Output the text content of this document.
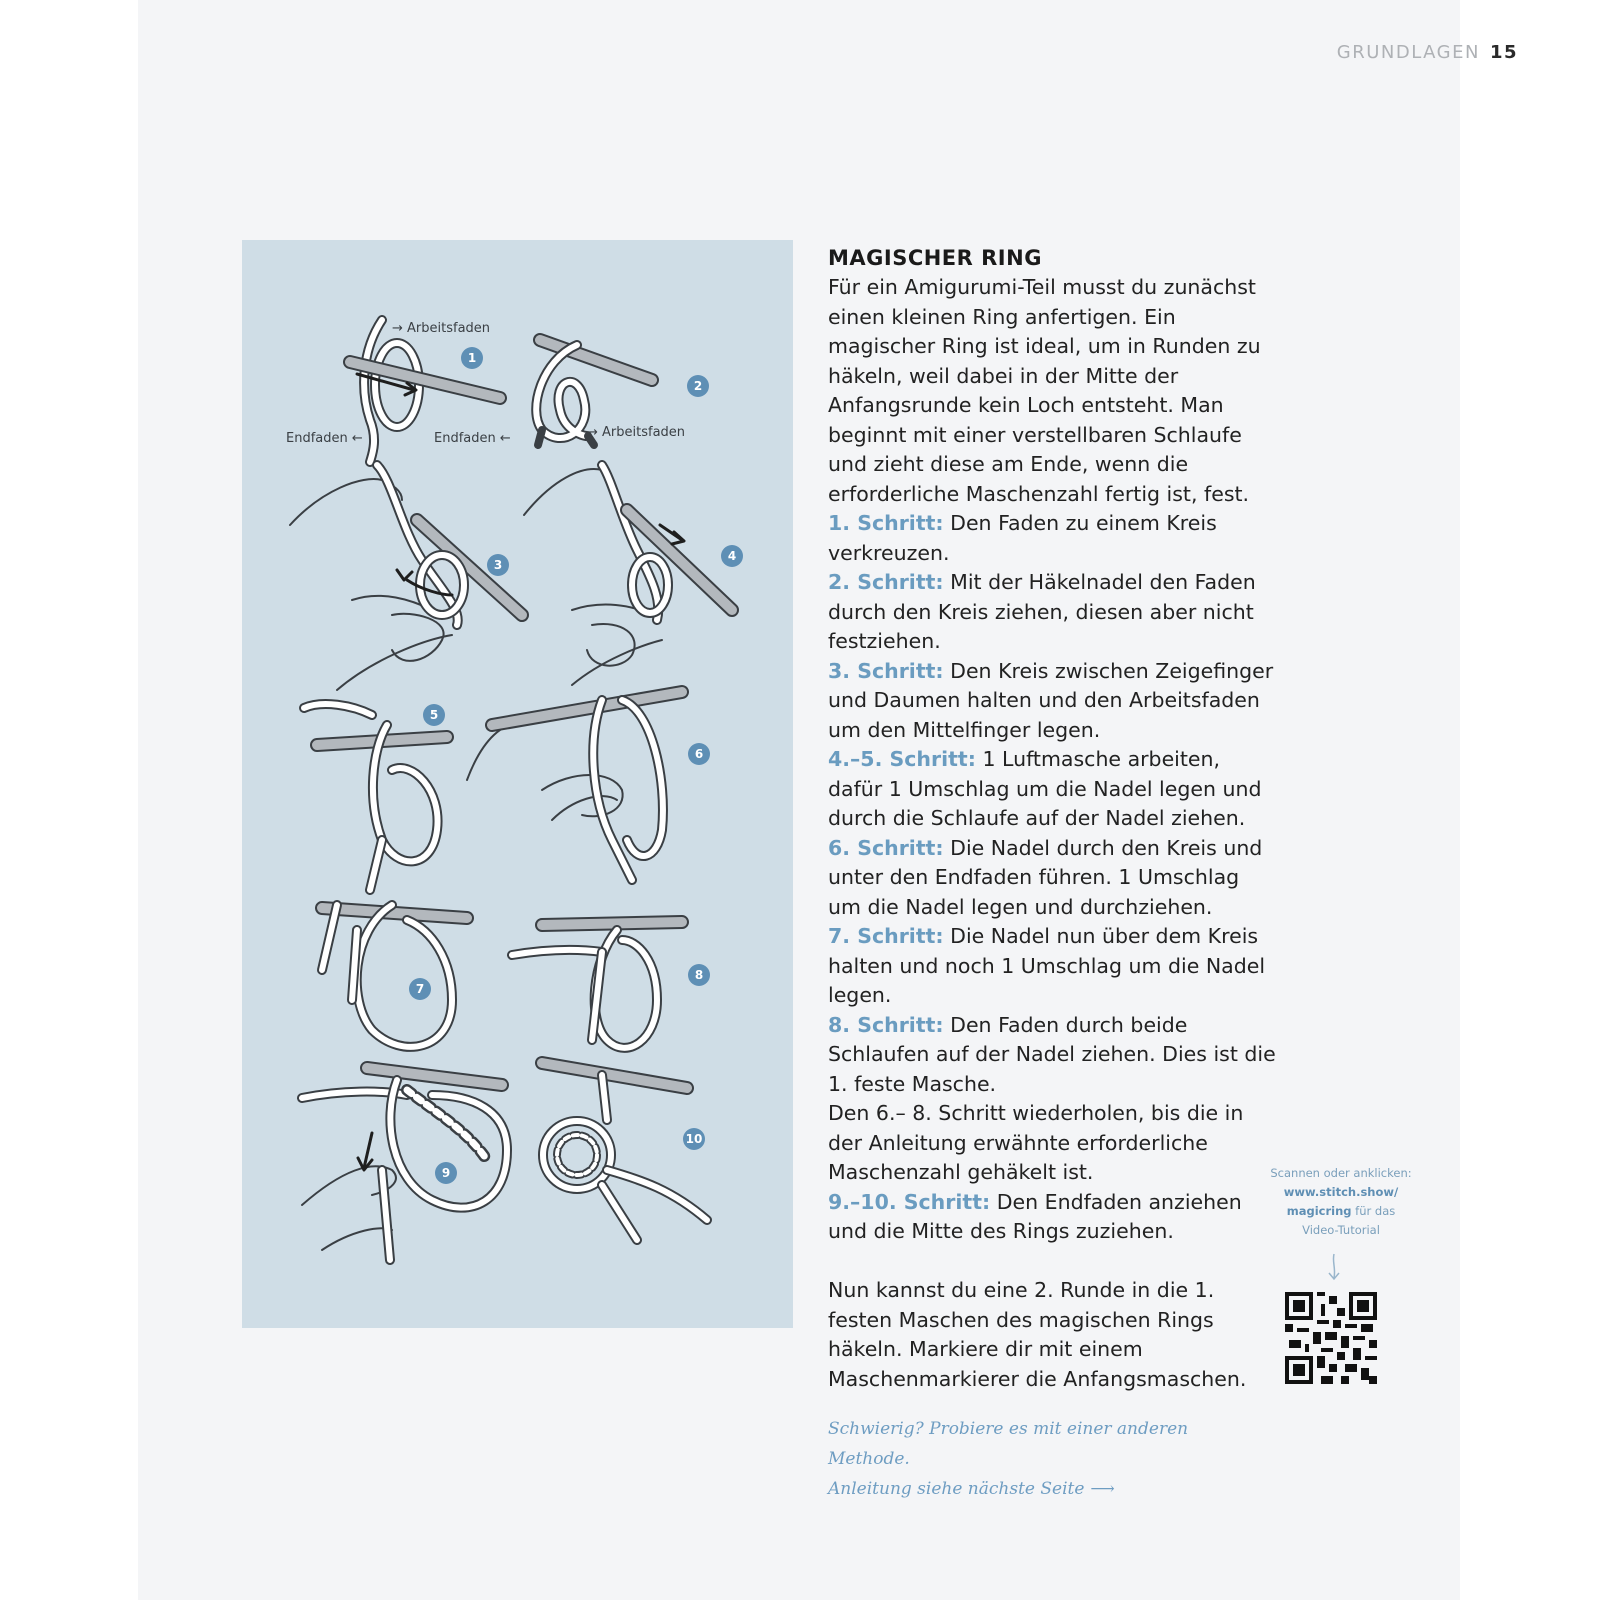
GRUNDLAGEN 15
→ Arbeitsfaden
Endfaden ←	Endfaden ←	→ Arbeitsfaden
1
2
3
4
5
6
7
8
9
10
MAGISCHER RING

Für ein Amigurumi-Teil musst du zunächst einen kleinen Ring anfertigen. Ein magischer Ring ist ideal, um in Runden zu häkeln, weil dabei in der Mitte der Anfangsrunde kein Loch entsteht. Man beginnt mit einer verstellbaren Schlaufe und zieht diese am Ende, wenn die erforderliche Maschenzahl fertig ist, fest.

1. Schritt: Den Faden zu einem Kreis verkreuzen.

2. Schritt: Mit der Häkelnadel den Faden durch den Kreis ziehen, diesen aber nicht festziehen.

3. Schritt: Den Kreis zwischen Zeigefinger und Daumen halten und den Arbeitsfaden um den Mittelfinger legen.

4.–5. Schritt: 1 Luftmasche arbeiten, dafür 1 Umschlag um die Nadel legen und durch die Schlaufe auf der Nadel ziehen.

6. Schritt: Die Nadel durch den Kreis und unter den Endfaden führen. 1 Umschlag um die Nadel legen und durchziehen.

7. Schritt: Die Nadel nun über dem Kreis halten und noch 1 Umschlag um die Nadel legen.

8. Schritt: Den Faden durch beide Schlaufen auf der Nadel ziehen. Dies ist die 1. feste Masche.

Den 6.– 8. Schritt wiederholen, bis die in der Anleitung erwähnte erforderliche Maschenzahl gehäkelt ist.

9.–10. Schritt: Den Endfaden anziehen und die Mitte des Rings zuziehen.

Nun kannst du eine 2. Runde in die 1. festen Maschen des magischen Rings häkeln. Markiere dir mit einem Maschenmarkierer die Anfangsmaschen.

Scannen oder anklicken:
www.stitch.show/
magicring für das
Video-Tutorial
Schwierig? Probiere es mit einer anderen Methode.
Anleitung siehe nächste Seite ⟶
